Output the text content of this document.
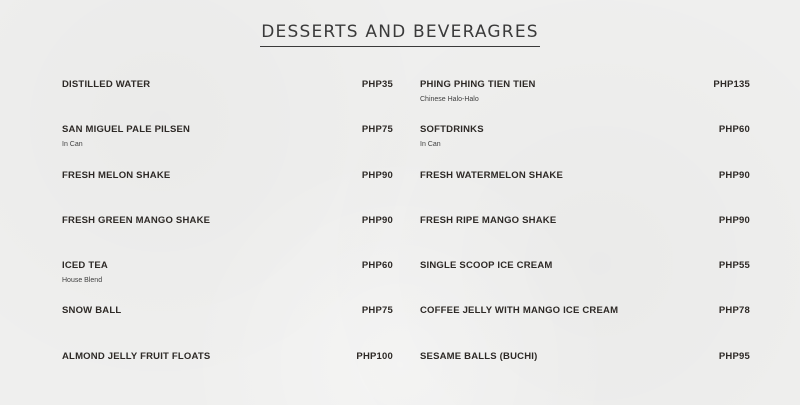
DESSERTS AND BEVERAGRES
DISTILLED WATER	PHP35
SAN MIGUEL PALE PILSEN	PHP75
In Can
FRESH MELON SHAKE	PHP90
FRESH GREEN MANGO SHAKE	PHP90
ICED TEA	PHP60
House Blend
SNOW BALL	PHP75
ALMOND JELLY FRUIT FLOATS	PHP100
PHING PHING TIEN TIEN	PHP135
Chinese Halo-Halo
SOFTDRINKS	PHP60
In Can
FRESH WATERMELON SHAKE	PHP90
FRESH RIPE MANGO SHAKE	PHP90
SINGLE SCOOP ICE CREAM	PHP55
COFFEE JELLY WITH MANGO ICE CREAM	PHP78
SESAME BALLS (BUCHI)	PHP95
